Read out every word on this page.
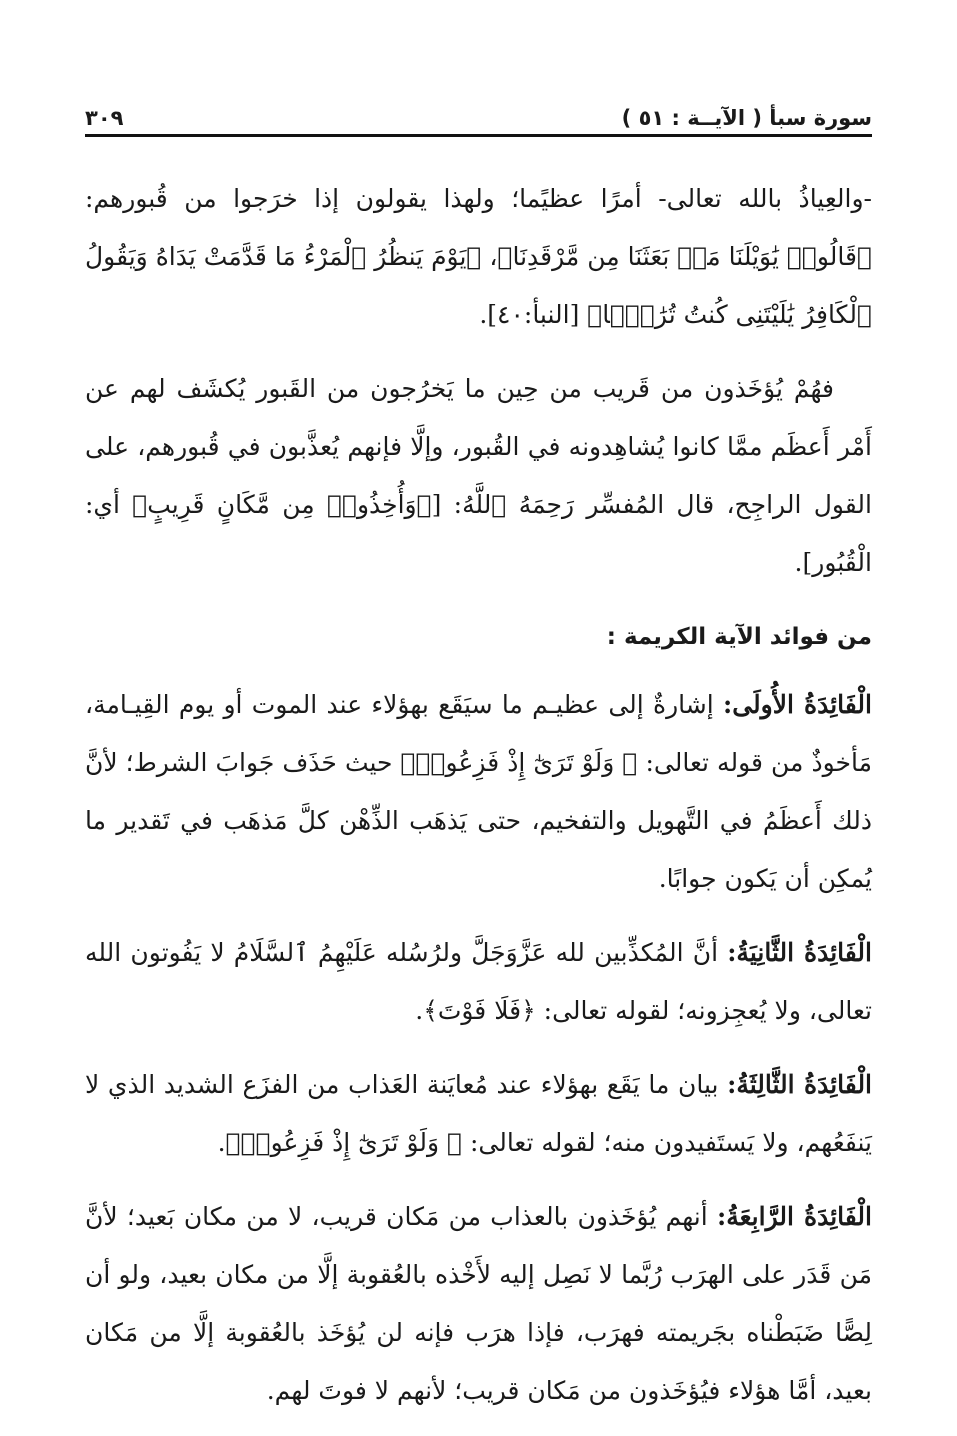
سورة سبأ ( الآيــة : ٥١ )
٣٠٩

-والعِياذُ بالله تعالى- أمرًا عظيًما؛ ولهذا يقولون إذا خرَجوا من قُبورهم: ﴿قَالُوا۟ يَٰوَيْلَنَا مَنۢ بَعَثَنَا مِن مَّرْقَدِنَا﴾، ﴿يَوْمَ يَنظُرُ ٱلْمَرْءُ مَا قَدَّمَتْ يَدَاهُ وَيَقُولُ ٱلْكَافِرُ يَٰلَيْتَنِى كُنتُ تُرَٰبًۢا﴾ [النبأ:٤٠].

فهُمْ يُؤخَذون من قَريب من حِين ما يَخرُجون من القَبور يُكشَف لهم عن أَمْر أَعظَم ممَّا كانوا يُشاهِدونه في القُبور، وإلَّا فإنهم يُعذَّبون في قُبورهم، على القول الراجِح، قال المُفسِّر رَحِمَهُ ٱللَّهُ: [﴿وَأُخِذُوا۟ مِن مَّكَانٍ قَرِيبٍ﴾ أي: الْقُبُور].

من فوائد الآية الكريمة :

الْفَائِدَةُ الأُولَى: إشارةٌ إلى عظيـم ما سيَقَع بهؤلاء عند الموت أو يوم القِيـامة، مَأخوذٌ من قوله تعالى: ﴿ وَلَوْ تَرَىٰٓ إِذْ فَزِعُوا۟﴾ حيث حَذَف جَوابَ الشرط؛ لأنَّ ذلك أَعظَمُ في التَّهويل والتفخيم، حتى يَذهَب الذِّهْن كلَّ مَذهَب في تَقدير ما يُمكِن أن يَكون جوابًا.

الْفَائِدَةُ الثَّانِيَةُ: أنَّ المُكذِّبين لله عَزَّوَجَلَّ ولرُسُله عَلَيْهِمُ ٱلسَّلَامُ لا يَفُوتون الله تعالى، ولا يُعجِزونه؛ لقوله تعالى: ﴿فَلَا فَوْتَ﴾.

الْفَائِدَةُ الثَّالِثَةُ: بيان ما يَقَع بهؤلاء عند مُعايَنة العَذاب من الفزَع الشديد الذي لا يَنفَعُهم، ولا يَستَفيدون منه؛ لقوله تعالى: ﴿ وَلَوْ تَرَىٰٓ إِذْ فَزِعُوا۟﴾.

الْفَائِدَةُ الرَّابِعَةُ: أنهم يُؤخَذون بالعذاب من مَكان قريب، لا من مكان بَعيد؛ لأنَّ مَن قَدَر على الهرَب رُبَّما لا نَصِل إليه لأَخْذه بالعُقوبة إلَّا من مكان بعيد، ولو أن لِصًّا ضَبَطْناه بجَريمته فهرَب، فإذا هرَب فإنه لن يُؤخَذ بالعُقوبة إلَّا من مَكان بعيد، أمَّا هؤلاء فيُؤخَذون من مَكان قريب؛ لأنهم لا فوتَ لهم.
